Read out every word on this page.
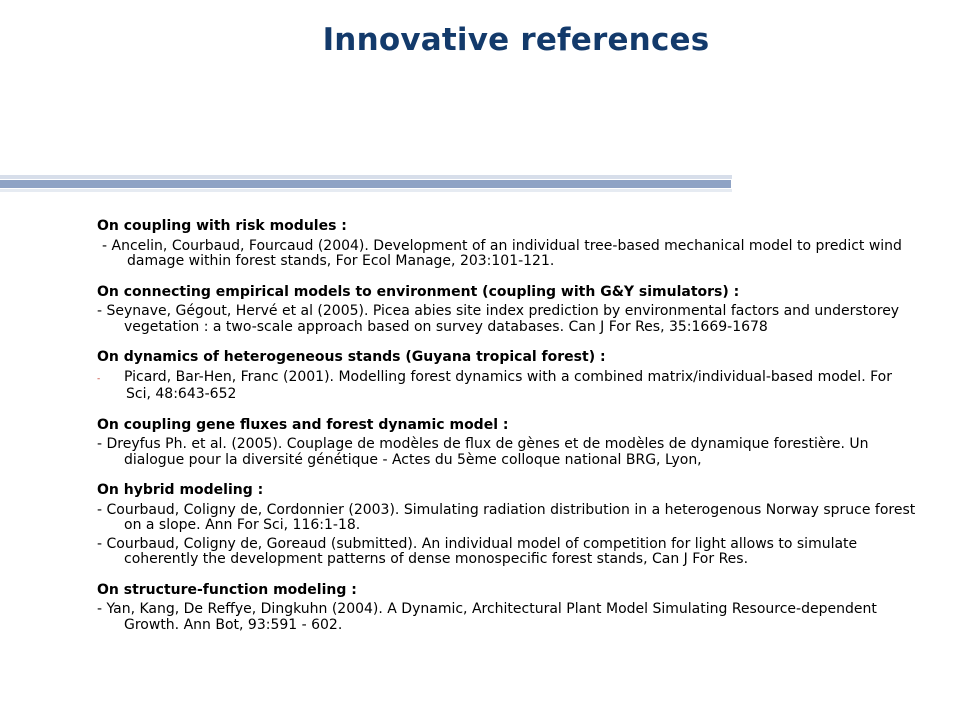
Innovative references

On coupling with risk modules :

- Ancelin, Courbaud, Fourcaud (2004). Development of an individual tree-based mechanical model to predict wind damage within forest stands, For Ecol Manage, 203:101-121.

On connecting empirical models to environment (coupling with G&Y simulators) :

- Seynave, Gégout, Hervé et al (2005). Picea abies site index prediction by environmental factors and understorey vegetation : a two-scale approach based on survey databases. Can J For Res, 35:1669-1678

On dynamics of heterogeneous stands (Guyana tropical forest) :

- Picard, Bar-Hen, Franc (2001). Modelling forest dynamics with a combined matrix/individual-based model. For Sci, 48:643-652

On coupling gene fluxes and forest dynamic model :

- Dreyfus Ph. et al. (2005). Couplage de modèles de flux de gènes et de modèles de dynamique forestière. Un dialogue pour la diversité génétique - Actes du 5ème colloque national BRG, Lyon,

On hybrid modeling :

- Courbaud, Coligny de, Cordonnier (2003). Simulating radiation distribution in a heterogenous Norway spruce forest on a slope. Ann For Sci, 116:1-18.

- Courbaud, Coligny de, Goreaud (submitted). An individual model of competition for light allows to simulate coherently the development patterns of dense monospecific forest stands, Can J For Res.

On structure-function modeling :

- Yan, Kang, De Reffye, Dingkuhn (2004). A Dynamic, Architectural Plant Model Simulating Resource-dependent Growth. Ann Bot, 93:591 - 602.
